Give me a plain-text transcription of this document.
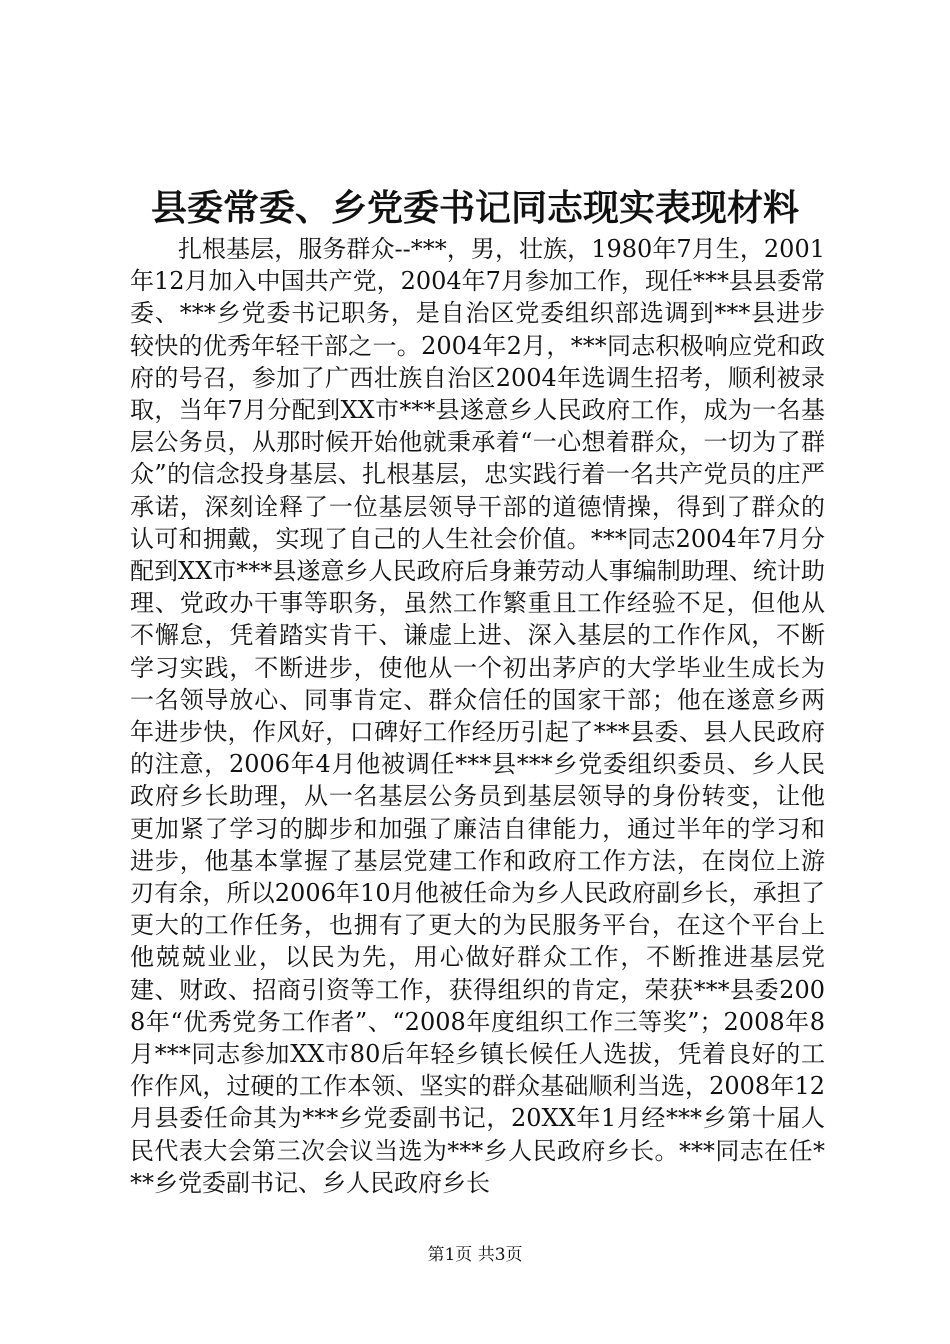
县委常委、乡党委书记同志现实表现材料

扎根基层，服务群众--***，男，壮族，1980年7月生，2001年12月加入中国共产党，2004年7月参加工作，现任***县县委常委、***乡党委书记职务，是自治区党委组织部选调到***县进步较快的优秀年轻干部之一。2004年2月，***同志积极响应党和政府的号召，参加了广西壮族自治区2004年选调生招考，顺利被录取，当年7月分配到XX市***县遂意乡人民政府工作，成为一名基层公务员，从那时候开始他就秉承着“一心想着群众，一切为了群众”的信念投身基层、扎根基层，忠实践行着一名共产党员的庄严承诺，深刻诠释了一位基层领导干部的道德情操，得到了群众的认可和拥戴，实现了自己的人生社会价值。***同志2004年7月分配到XX市***县遂意乡人民政府后身兼劳动人事编制助理、统计助理、党政办干事等职务，虽然工作繁重且工作经验不足，但他从不懈怠，凭着踏实肯干、谦虚上进、深入基层的工作作风，不断学习实践，不断进步，使他从一个初出茅庐的大学毕业生成长为一名领导放心、同事肯定、群众信任的国家干部；他在遂意乡两年进步快，作风好，口碑好工作经历引起了***县委、县人民政府的注意，2006年4月他被调任***县***乡党委组织委员、乡人民政府乡长助理，从一名基层公务员到基层领导的身份转变，让他更加紧了学习的脚步和加强了廉洁自律能力，通过半年的学习和进步，他基本掌握了基层党建工作和政府工作方法，在岗位上游刃有余，所以2006年10月他被任命为乡人民政府副乡长，承担了更大的工作任务，也拥有了更大的为民服务平台，在这个平台上他兢兢业业，以民为先，用心做好群众工作，不断推进基层党建、财政、招商引资等工作，获得组织的肯定，荣获***县委2008年“优秀党务工作者”、“2008年度组织工作三等奖”；2008年8月***同志参加XX市80后年轻乡镇长候任人选拔，凭着良好的工作作风，过硬的工作本领、坚实的群众基础顺利当选，2008年12月县委任命其为***乡党委副书记，20XX年1月经***乡第十届人民代表大会第三次会议当选为***乡人民政府乡长。***同志在任***乡党委副书记、乡人民政府乡长

第1页 共3页
